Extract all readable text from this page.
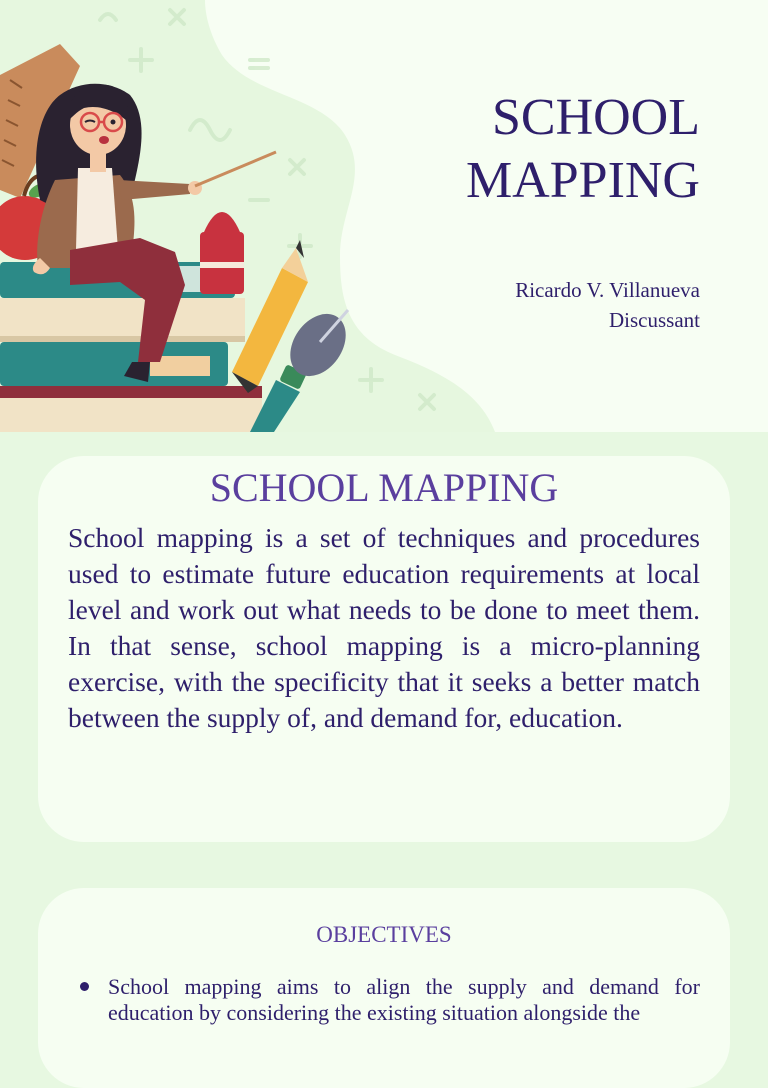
SCHOOL
MAPPING
Ricardo V. Villanueva
Discussant
SCHOOL MAPPING

School mapping is a set of techniques and procedures used to estimate future education requirements at local level and work out what needs to be done to meet them. In that sense, school mapping is a micro-planning exercise, with the specificity that it seeks a better match between the supply of, and demand for, education.

OBJECTIVES
School mapping aims to align the supply and demand for education by considering the existing situation alongside the
